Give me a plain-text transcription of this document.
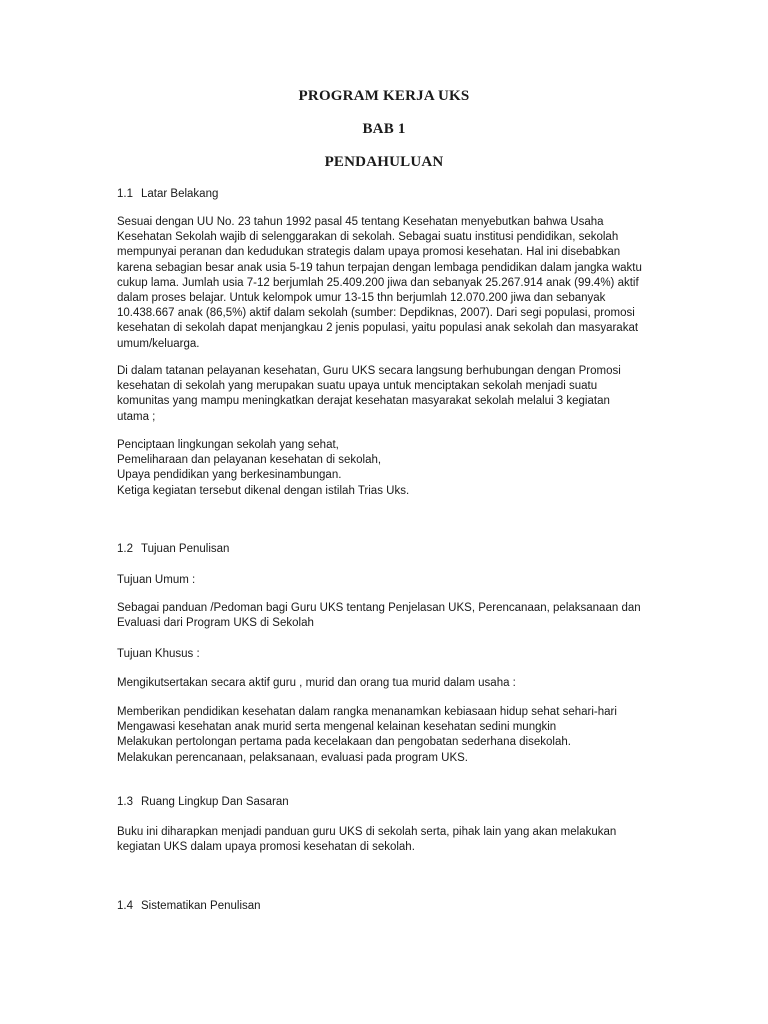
PROGRAM KERJA UKS
BAB 1
PENDAHULUAN
1.1 Latar Belakang
Sesuai dengan UU No. 23 tahun 1992 pasal 45 tentang Kesehatan menyebutkan bahwa Usaha
Kesehatan Sekolah wajib di selenggarakan di sekolah. Sebagai suatu institusi pendidikan, sekolah
mempunyai peranan dan kedudukan strategis dalam upaya promosi kesehatan. Hal ini disebabkan
karena sebagian besar anak usia 5-19 tahun terpajan dengan lembaga pendidikan dalam jangka waktu
cukup lama. Jumlah usia 7-12 berjumlah 25.409.200 jiwa dan sebanyak 25.267.914 anak (99.4%) aktif
dalam proses belajar. Untuk kelompok umur 13-15 thn berjumlah 12.070.200 jiwa dan sebanyak
10.438.667 anak (86,5%) aktif dalam sekolah (sumber: Depdiknas, 2007). Dari segi populasi, promosi
kesehatan di sekolah dapat menjangkau 2 jenis populasi, yaitu populasi anak sekolah dan masyarakat
umum/keluarga.
Di dalam tatanan pelayanan kesehatan, Guru UKS secara langsung berhubungan dengan Promosi
kesehatan di sekolah yang merupakan suatu upaya untuk menciptakan sekolah menjadi suatu
komunitas yang mampu meningkatkan derajat kesehatan masyarakat sekolah melalui 3 kegiatan
utama ;
Penciptaan lingkungan sekolah yang sehat,
Pemeliharaan dan pelayanan kesehatan di sekolah,
Upaya pendidikan yang berkesinambungan.
Ketiga kegiatan tersebut dikenal dengan istilah Trias Uks.
1.2 Tujuan Penulisan
Tujuan Umum :
Sebagai panduan /Pedoman bagi Guru UKS tentang Penjelasan UKS, Perencanaan, pelaksanaan dan
Evaluasi dari Program UKS di Sekolah
Tujuan Khusus :
Mengikutsertakan secara aktif guru , murid dan orang tua murid dalam usaha :
Memberikan pendidikan kesehatan dalam rangka menanamkan kebiasaan hidup sehat sehari-hari
Mengawasi kesehatan anak murid serta mengenal kelainan kesehatan sedini mungkin
Melakukan pertolongan pertama pada kecelakaan dan pengobatan sederhana disekolah.
Melakukan perencanaan, pelaksanaan, evaluasi pada program UKS.
1.3 Ruang Lingkup Dan Sasaran
Buku ini diharapkan menjadi panduan guru UKS di sekolah serta, pihak lain yang akan melakukan
kegiatan UKS dalam upaya promosi kesehatan di sekolah.
1.4 Sistematikan Penulisan
